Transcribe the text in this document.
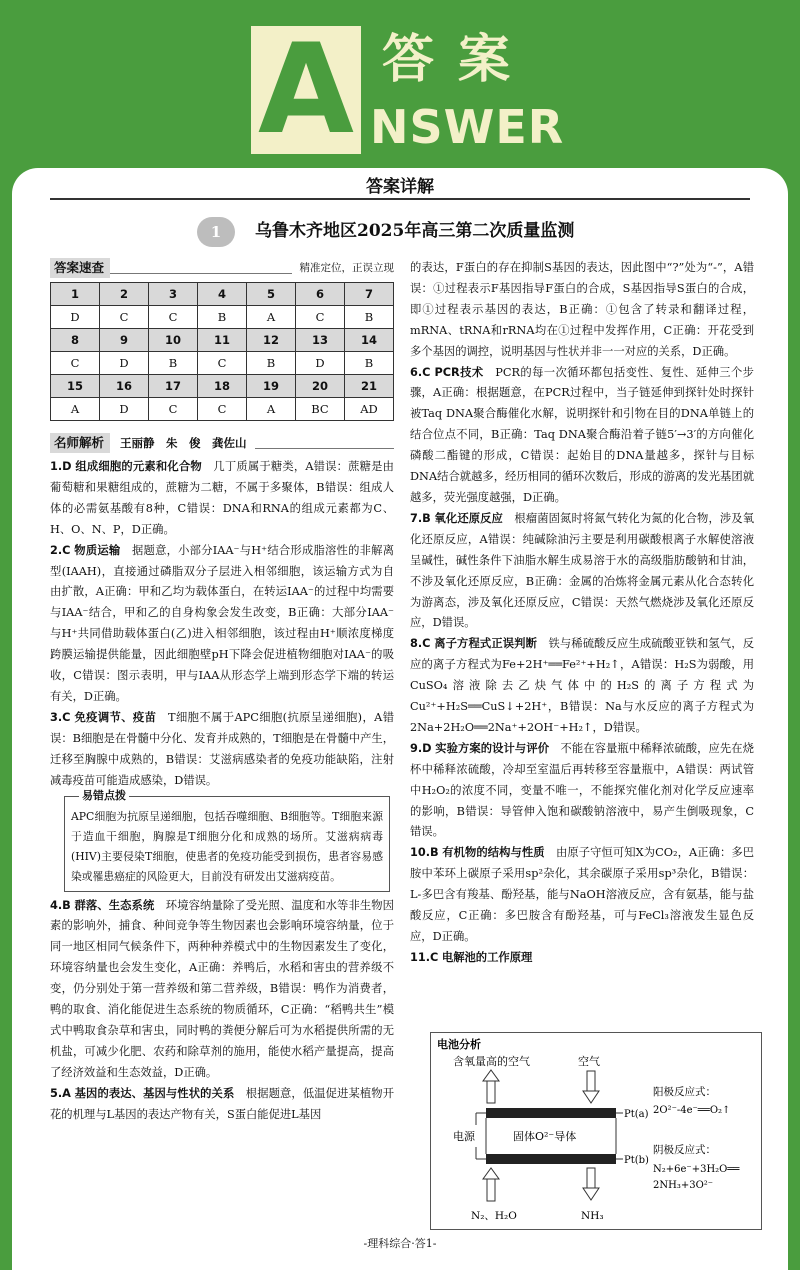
A 答案
NSWER
答案详解
1	乌鲁木齐地区2025年高三第二次质量监测
答案速查	精准定位，正误立现
1	2	3	4	5	6	7
D	C	C	B	A	C	B
8	9	10	11	12	13	14
C	D	B	C	B	D	B
15	16	17	18	19	20	21
A	D	C	C	A	BC	AD
名师解析	王丽静　朱　俊　龚佐山

1.D 组成细胞的元素和化合物　几丁质属于糖类，A错误：蔗糖是由葡萄糖和果糖组成的，蔗糖为二糖，不属于多聚体，B错误：组成人体的必需氨基酸有8种，C错误：DNA和RNA的组成元素都为C、H、O、N、P，D正确。

2.C 物质运输　据题意，小部分IAA⁻与H⁺结合形成脂溶性的非解离型(IAAH)，直接通过磷脂双分子层进入相邻细胞，该运输方式为自由扩散，A正确：甲和乙均为载体蛋白，在转运IAA⁻的过程中均需要与IAA⁻结合，甲和乙的自身构象会发生改变，B正确：大部分IAA⁻与H⁺共同借助载体蛋白(乙)进入相邻细胞，该过程由H⁺顺浓度梯度跨膜运输提供能量，因此细胞壁pH下降会促进植物细胞对IAA⁻的吸收，C错误：图示表明，甲与IAA从形态学上端到形态学下端的转运有关，D正确。

3.C 免疫调节、疫苗　T细胞不属于APC细胞(抗原呈递细胞)，A错误：B细胞是在骨髓中分化、发育并成熟的，T细胞是在骨髓中产生，迁移至胸腺中成熟的，B错误：艾滋病感染者的免疫功能缺陷，注射减毒疫苗可能造成感染，D错误。

易错点拨
APC细胞为抗原呈递细胞，包括吞噬细胞、B细胞等。T细胞来源于造血干细胞，胸腺是T细胞分化和成熟的场所。艾滋病病毒(HIV)主要侵染T细胞，使患者的免疫功能受到损伤，患者容易感染或罹患癌症的风险更大，目前没有研发出艾滋病疫苗。

4.B 群落、生态系统　环境容纳量除了受光照、温度和水等非生物因素的影响外，捕食、种间竞争等生物因素也会影响环境容纳量，位于同一地区相同气候条件下，两种种养模式中的生物因素发生了变化，环境容纳量也会发生变化，A正确：养鸭后，水稻和害虫的营养级不变，仍分别处于第一营养级和第二营养级，B错误：鸭作为消费者，鸭的取食、消化能促进生态系统的物质循环，C正确：“稻鸭共生”模式中鸭取食杂草和害虫，同时鸭的粪便分解后可为水稻提供所需的无机盐，可减少化肥、农药和除草剂的施用，能使水稻产量提高，提高了经济效益和生态效益，D正确。

5.A 基因的表达、基因与性状的关系　根据题意，低温促进某植物开花的机理与L基因的表达产物有关，S蛋白能促进L基因

的表达，F蛋白的存在抑制S基因的表达，因此图中“?”处为“-”，A错误：①过程表示F基因指导F蛋白的合成，S基因指导S蛋白的合成，即①过程表示基因的表达，B正确：①包含了转录和翻译过程，mRNA、tRNA和rRNA均在①过程中发挥作用，C正确：开花受到多个基因的调控，说明基因与性状并非一一对应的关系，D正确。

6.C PCR技术　PCR的每一次循环都包括变性、复性、延伸三个步骤，A正确：根据题意，在PCR过程中，当子链延伸到探针处时探针被Taq DNA聚合酶催化水解，说明探针和引物在目的DNA单链上的结合位点不同，B正确：Taq DNA聚合酶沿着子链5′→3′的方向催化磷酸二酯键的形成，C错误：起始目的DNA量越多，探针与目标DNA结合就越多，经历相同的循环次数后，形成的游离的发光基团就越多，荧光强度越强，D正确。

7.B 氧化还原反应　根瘤菌固氮时将氮气转化为氮的化合物，涉及氧化还原反应，A错误：纯碱除油污主要是利用碳酸根离子水解使溶液呈碱性，碱性条件下油脂水解生成易溶于水的高级脂肪酸钠和甘油，不涉及氧化还原反应，B正确：金属的冶炼将金属元素从化合态转化为游离态，涉及氧化还原反应，C错误：天然气燃烧涉及氧化还原反应，D错误。

8.C 离子方程式正误判断　铁与稀硫酸反应生成硫酸亚铁和氢气，反应的离子方程式为Fe+2H⁺══Fe²⁺+H₂↑，A错误：H₂S为弱酸，用CuSO₄溶液除去乙炔气体中的H₂S的离子方程式为Cu²⁺+H₂S══CuS↓+2H⁺，B错误：Na与水反应的离子方程式为2Na+2H₂O══2Na⁺+2OH⁻+H₂↑，D错误。

9.D 实验方案的设计与评价　不能在容量瓶中稀释浓硫酸，应先在烧杯中稀释浓硫酸，冷却至室温后再转移至容量瓶中，A错误：两试管中H₂O₂的浓度不同，变量不唯一，不能探究催化剂对化学反应速率的影响，B错误：导管伸入饱和碳酸钠溶液中，易产生倒吸现象，C错误。

10.B 有机物的结构与性质　由原子守恒可知X为CO₂，A正确：多巴胺中苯环上碳原子采用sp²杂化，其余碳原子采用sp³杂化，B错误：L-多巴含有羧基、酚羟基，能与NaOH溶液反应，含有氨基，能与盐酸反应，C正确：多巴胺含有酚羟基，可与FeCl₃溶液发生显色反应，D正确。

11.C 电解池的工作原理

电池分析
含氧量高的空气	空气
固体O²⁻导体
电源
Pt(a)
Pt(b)
阳极反应式：
2O²⁻-4e⁻══O₂↑
阴极反应式：
N₂+6e⁻+3H₂O══
2NH₃+3O²⁻
N₂、H₂O	NH₃
-理科综合·答1-
